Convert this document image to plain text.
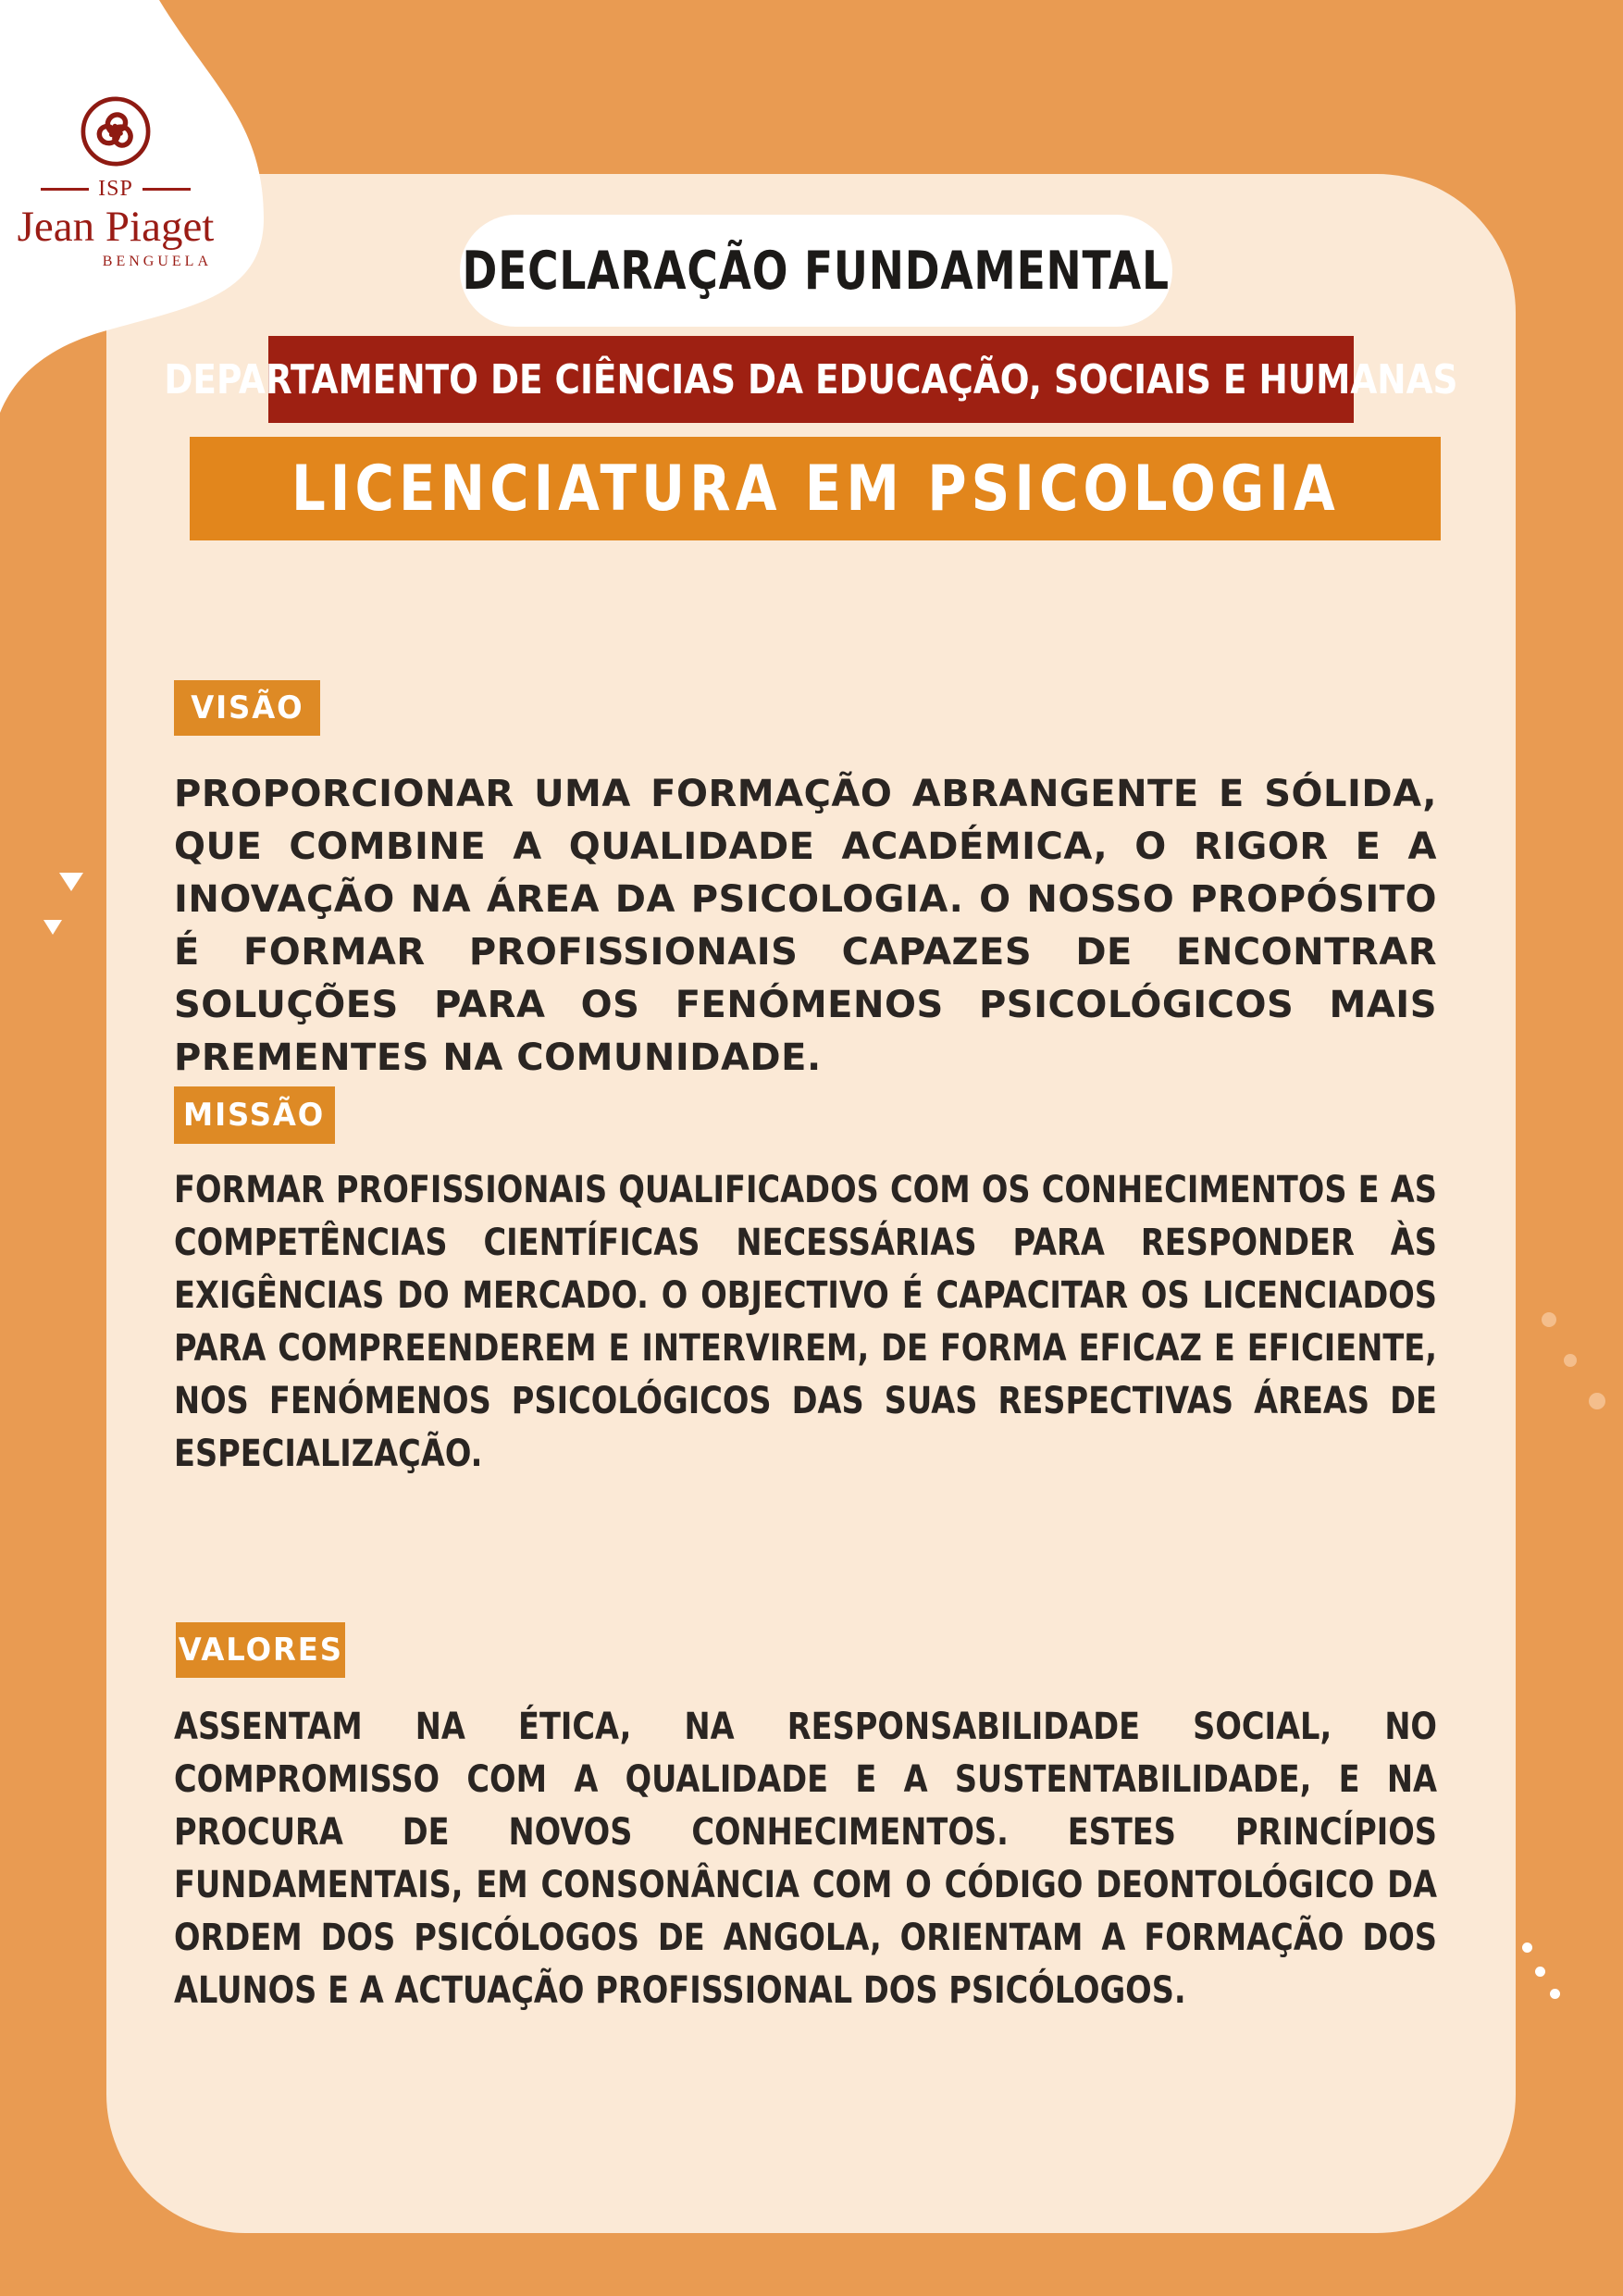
ISP
Jean Piaget
BENGUELA	DECLARAÇÃO FUNDAMENTAL
DEPARTAMENTO DE CIÊNCIAS DA EDUCAÇÃO, SOCIAIS E HUMANAS
LICENCIATURA EM PSICOLOGIA
VISÃO
PROPORCIONAR UMA FORMAÇÃO ABRANGENTE E SÓLIDA, QUE COMBINE A QUALIDADE ACADÉMICA, O RIGOR E A INOVAÇÃO NA ÁREA DA PSICOLOGIA. O NOSSO PROPÓSITO É FORMAR PROFISSIONAIS CAPAZES DE ENCONTRAR SOLUÇÕES PARA OS FENÓMENOS PSICOLÓGICOS MAIS PREMENTES NA COMUNIDADE.
MISSÃO
FORMAR PROFISSIONAIS QUALIFICADOS COM OS CONHECIMENTOS E AS COMPETÊNCIAS CIENTÍFICAS NECESSÁRIAS PARA RESPONDER ÀS EXIGÊNCIAS DO MERCADO. O OBJECTIVO É CAPACITAR OS LICENCIADOS PARA COMPREENDEREM E INTERVIREM, DE FORMA EFICAZ E EFICIENTE, NOS FENÓMENOS PSICOLÓGICOS DAS SUAS RESPECTIVAS ÁREAS DE ESPECIALIZAÇÃO.
VALORES
ASSENTAM NA ÉTICA, NA RESPONSABILIDADE SOCIAL, NO COMPROMISSO COM A QUALIDADE E A SUSTENTABILIDADE, E NA PROCURA DE NOVOS CONHECIMENTOS. ESTES PRINCÍPIOS FUNDAMENTAIS, EM CONSONÂNCIA COM O CÓDIGO DEONTOLÓGICO DA ORDEM DOS PSICÓLOGOS DE ANGOLA, ORIENTAM A FORMAÇÃO DOS ALUNOS E A ACTUAÇÃO PROFISSIONAL DOS PSICÓLOGOS.
